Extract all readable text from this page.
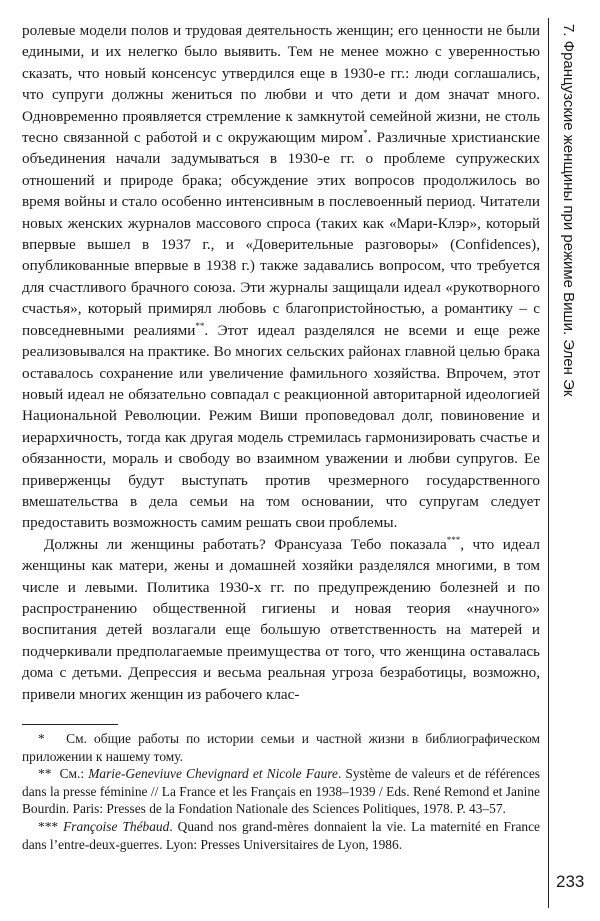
ролевые модели полов и трудовая деятельность женщин; его ценности не были едиными, и их нелегко было выявить. Тем не менее можно с уверенностью сказать, что новый консенсус утвердился еще в 1930-е гг.: люди соглашались, что супруги должны жениться по любви и что дети и дом значат много. Одновременно проявляется стремление к замкнутой семейной жизни, не столь тесно связанной с работой и с окружающим миром*. Различные христианские объединения начали задумываться в 1930-е гг. о проблеме супружеских отношений и природе брака; обсуждение этих вопросов продолжилось во время войны и стало особенно интенсивным в послевоенный период. Читатели новых женских журналов массового спроса (таких как «Мари-Клэр», который впервые вышел в 1937 г., и «Доверительные разговоры» (Confidences), опубликованные впервые в 1938 г.) также задавались вопросом, что требуется для счастливого брачного союза. Эти журналы защищали идеал «рукотворного счастья», который примирял любовь с благопристойностью, а романтику – с повседневными реалиями**. Этот идеал разделялся не всеми и еще реже реализовывался на практике. Во многих сельских районах главной целью брака оставалось сохранение или увеличение фамильного хозяйства. Впрочем, этот новый идеал не обязательно совпадал с реакционной авторитарной идеологией Национальной Революции. Режим Виши проповедовал долг, повиновение и иерархичность, тогда как другая модель стремилась гармонизировать счастье и обязанности, мораль и свободу во взаимном уважении и любви супругов. Ее приверженцы будут выступать против чрезмерного государственного вмешательства в дела семьи на том основании, что супругам следует предоставить возможность самим решать свои проблемы.

Должны ли женщины работать? Франсуаза Тебо показала***, что идеал женщины как матери, жены и домашней хозяйки разделялся многими, в том числе и левыми. Политика 1930-х гг. по предупреждению болезней и по распространению общественной гигиены и новая теория «научного» воспитания детей возлагали еще большую ответственность на матерей и подчеркивали предполагаемые преимущества от того, что женщина оставалась дома с детьми. Депрессия и весьма реальная угроза безработицы, возможно, привели многих женщин из рабочего клас-

* См. общие работы по истории семьи и частной жизни в библиографическом приложении к нашему тому.

** См.: Marie-Geneviuve Chevignard et Nicole Faure. Système de valeurs et de références dans la presse féminine // La France et les Français en 1938–1939 / Eds. René Remond et Janine Bourdin. Paris: Presses de la Fondation Nationale des Sciences Politiques, 1978. P. 43–57.

*** Françoise Thébaud. Quand nos grand-mères donnaient la vie. La maternité en France dans l’entre-deux-guerres. Lyon: Presses Universitaires de Lyon, 1986.

7. Французские женщины при режиме Виши. Элен Эк
233
